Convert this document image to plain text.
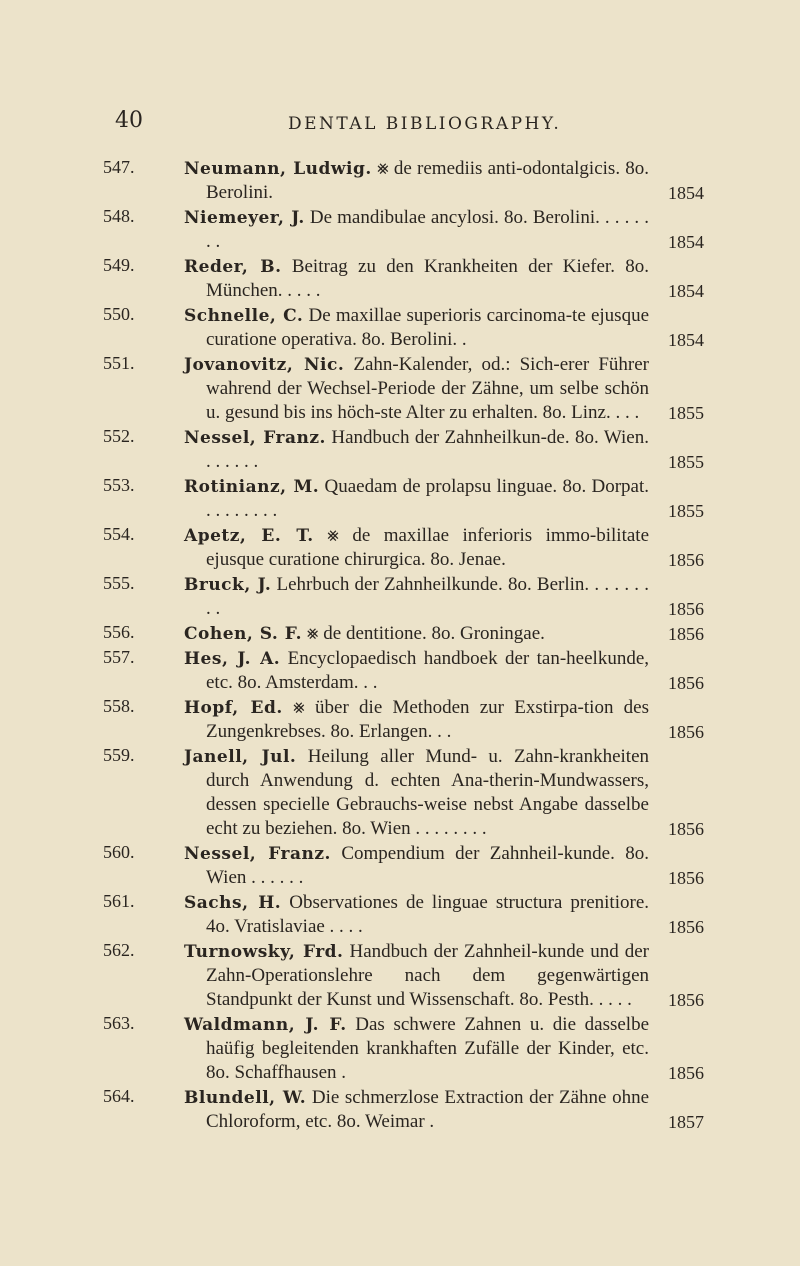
40	DENTAL BIBLIOGRAPHY.
547.	Neumann, Ludwig. ⨳ de remediis anti-odontalgicis. 8o. Berolini.	1854
548.	Niemeyer, J. De mandibulae ancylosi. 8o. Berolini. . . . . . . .	1854
549.	Reder, B. Beitrag zu den Krankheiten der Kiefer. 8o. München. . . . .	1854
550.	Schnelle, C. De maxillae superioris carcinoma-te ejusque curatione operativa. 8o. Berolini. .	1854
551.	Jovanovitz, Nic. Zahn-Kalender, od.: Sich-erer Führer wahrend der Wechsel-Periode der Zähne, um selbe schön u. gesund bis ins höch-ste Alter zu erhalten. 8o. Linz. . . .	1855
552.	Nessel, Franz. Handbuch der Zahnheilkun-de. 8o. Wien. . . . . . .	1855
553.	Rotinianz, M. Quaedam de prolapsu linguae. 8o. Dorpat. . . . . . . . .	1855
554.	Apetz, E. T. ⨳ de maxillae inferioris immo-bilitate ejusque curatione chirurgica. 8o. Jenae.	1856
555.	Bruck, J. Lehrbuch der Zahnheilkunde. 8o. Berlin. . . . . . . . .	1856
556.	Cohen, S. F. ⨳ de dentitione. 8o. Groningae.	1856
557.	Hes, J. A. Encyclopaedisch handboek der tan-heelkunde, etc. 8o. Amsterdam. . .	1856
558.	Hopf, Ed. ⨳ über die Methoden zur Exstirpa-tion des Zungenkrebses. 8o. Erlangen. . .	1856
559.	Janell, Jul. Heilung aller Mund- u. Zahn-krankheiten durch Anwendung d. echten Ana-therin-Mundwassers, dessen specielle Gebrauchs-weise nebst Angabe dasselbe echt zu beziehen. 8o. Wien . . . . . . . .	1856
560.	Nessel, Franz. Compendium der Zahnheil-kunde. 8o. Wien . . . . . .	1856
561.	Sachs, H. Observationes de linguae structura prenitiore. 4o. Vratislaviae . . . .	1856
562.	Turnowsky, Frd. Handbuch der Zahnheil-kunde und der Zahn-Operationslehre nach dem gegenwärtigen Standpunkt der Kunst und Wissenschaft. 8o. Pesth. . . . .	1856
563.	Waldmann, J. F. Das schwere Zahnen u. die dasselbe haüfig begleitenden krankhaften Zufälle der Kinder, etc. 8o. Schaffhausen .	1856
564.	Blundell, W. Die schmerzlose Extraction der Zähne ohne Chloroform, etc. 8o. Weimar .	1857
